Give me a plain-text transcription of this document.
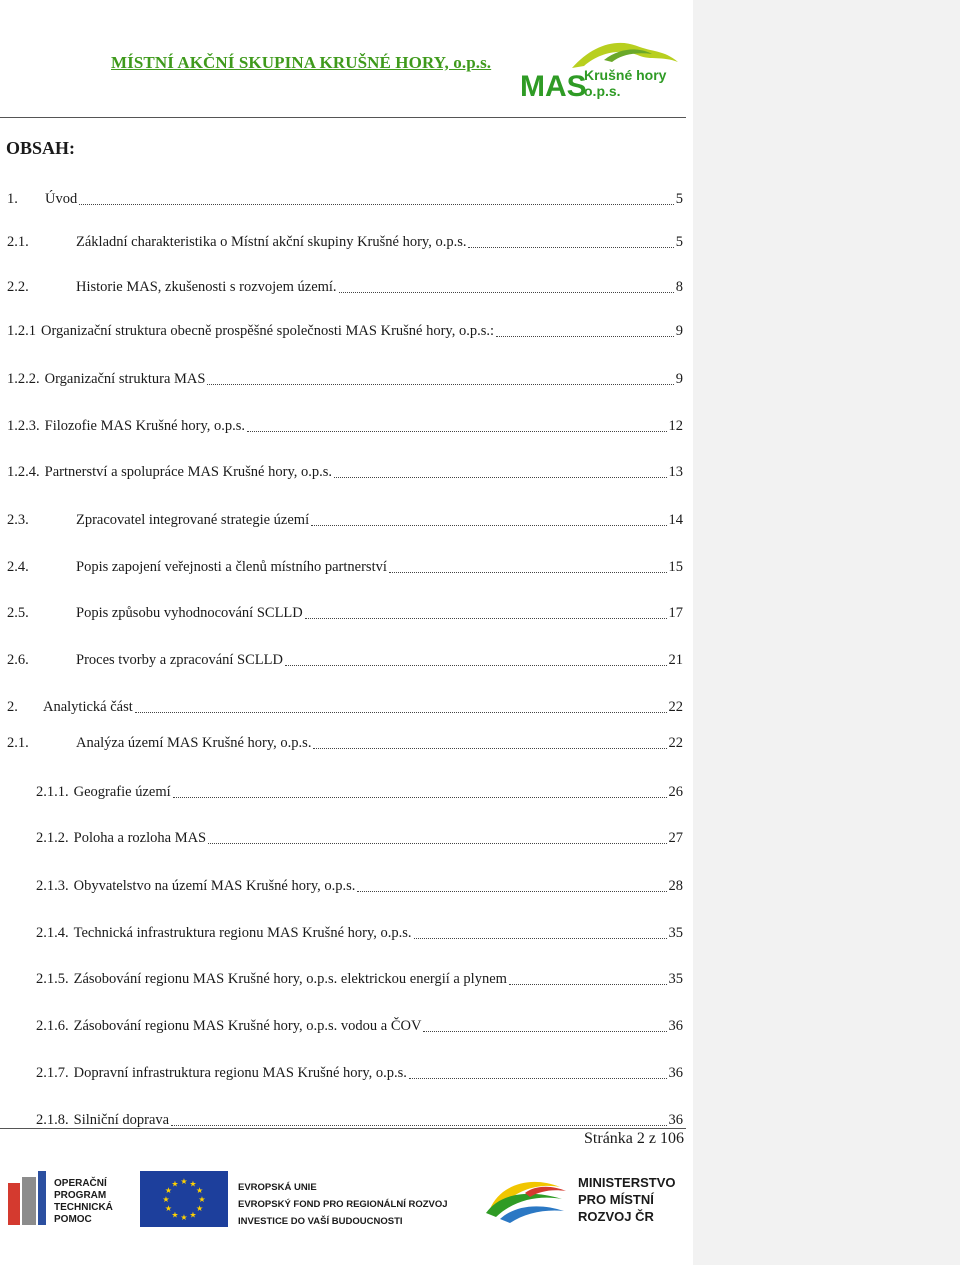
MÍSTNÍ AKČNÍ SKUPINA KRUŠNÉ HORY, o.p.s.
MAS
Krušné hory
o.p.s.
OBSAH:
1.	Úvod	5
2.1.	Základní charakteristika o Místní akční skupiny Krušné hory, o.p.s.	5
2.2.	Historie MAS, zkušenosti s rozvojem území.	8
1.2.1 Organizační struktura obecně prospěšné společnosti MAS Krušné hory, o.p.s.:	9
1.2.2. Organizační struktura MAS	9
1.2.3. Filozofie MAS Krušné hory, o.p.s.	12
1.2.4. Partnerství a spolupráce MAS Krušné hory, o.p.s.	13
2.3.	Zpracovatel integrované strategie území	14
2.4.	Popis zapojení veřejnosti a členů místního partnerství	15
2.5.	Popis způsobu vyhodnocování SCLLD	17
2.6.	Proces tvorby a zpracování SCLLD	21
2.	Analytická část	22
2.1.	Analýza území MAS Krušné hory, o.p.s.	22
2.1.1. Geografie území	26
2.1.2. Poloha a rozloha MAS	27
2.1.3. Obyvatelstvo na území MAS Krušné hory, o.p.s.	28
2.1.4. Technická infrastruktura regionu MAS Krušné hory, o.p.s.	35
2.1.5. Zásobování regionu MAS Krušné hory, o.p.s. elektrickou energií a plynem	35
2.1.6. Zásobování regionu MAS Krušné hory, o.p.s. vodou a ČOV	36
2.1.7. Dopravní infrastruktura regionu MAS Krušné hory, o.p.s.	36
2.1.8. Silniční doprava	36
Stránka 2 z 106
OPERAČNÍ
PROGRAM
TECHNICKÁ
POMOC
★ ★
★
★
★
★
★
★
★
★
★
★	EVROPSKÁ UNIE
EVROPSKÝ FOND PRO REGIONÁLNÍ ROZVOJ
INVESTICE DO VAŠÍ BUDOUCNOSTI
MINISTERSTVO
PRO MÍSTNÍ
ROZVOJ ČR
